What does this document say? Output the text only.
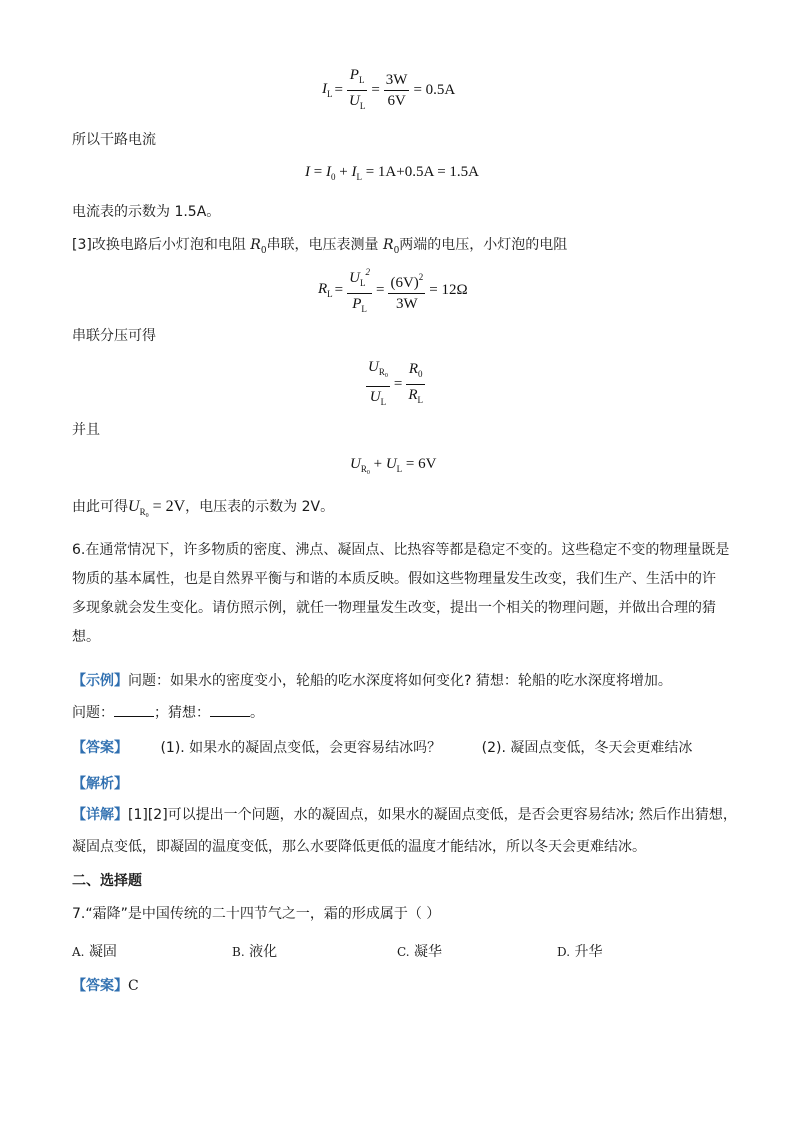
$I_L = \frac{P_L}{U_L} = \frac{3W}{6V} = 0.5A$
所以干路电流
$I = I_0 + I_L = 1A+0.5A = 1.5A$
电流表的示数为 1.5A。
[3]改换电路后小灯泡和电阻 $R_0$串联，电压表测量 $R_0$两端的电压，小灯泡的电阻
$R_L = \frac{U_L^2}{P_L} = \frac{(6V)^2}{3W} = 12\Omega$
串联分压可得
$\frac{U_{R_0}}{U_L} = \frac{R_0}{R_L}$
并且
$U_{R_0} + U_L = 6V$
由此可得$U_{R_0} = 2V$，电压表的示数为 2V。
6.在通常情况下，许多物质的密度、沸点、凝固点、比热容等都是稳定不变的。这些稳定不变的物理量既是
物质的基本属性，也是自然界平衡与和谐的本质反映。假如这些物理量发生改变，我们生产、生活中的许
多现象就会发生变化。请仿照示例，就任一物理量发生改变，提出一个相关的物理问题，并做出合理的猜
想。
【示例】问题：如果水的密度变小，轮船的吃水深度将如何变化? 猜想：轮船的吃水深度将增加。
问题：	；猜想：	。
【答案】 (1). 如果水的凝固点变低，会更容易结冰吗？	(2). 凝固点变低，冬天会更难结冰
【解析】
【详解】[1][2]可以提出一个问题，水的凝固点，如果水的凝固点变低，是否会更容易结冰; 然后作出猜想，
凝固点变低，即凝固的温度变低，那么水要降低更低的温度才能结冰，所以冬天会更难结冰。
二、选择题
7.“霜降”是中国传统的二十四节气之一，霜的形成属于（ ）
A. 凝固	B. 液化	C. 凝华	D. 升华
【答案】C
